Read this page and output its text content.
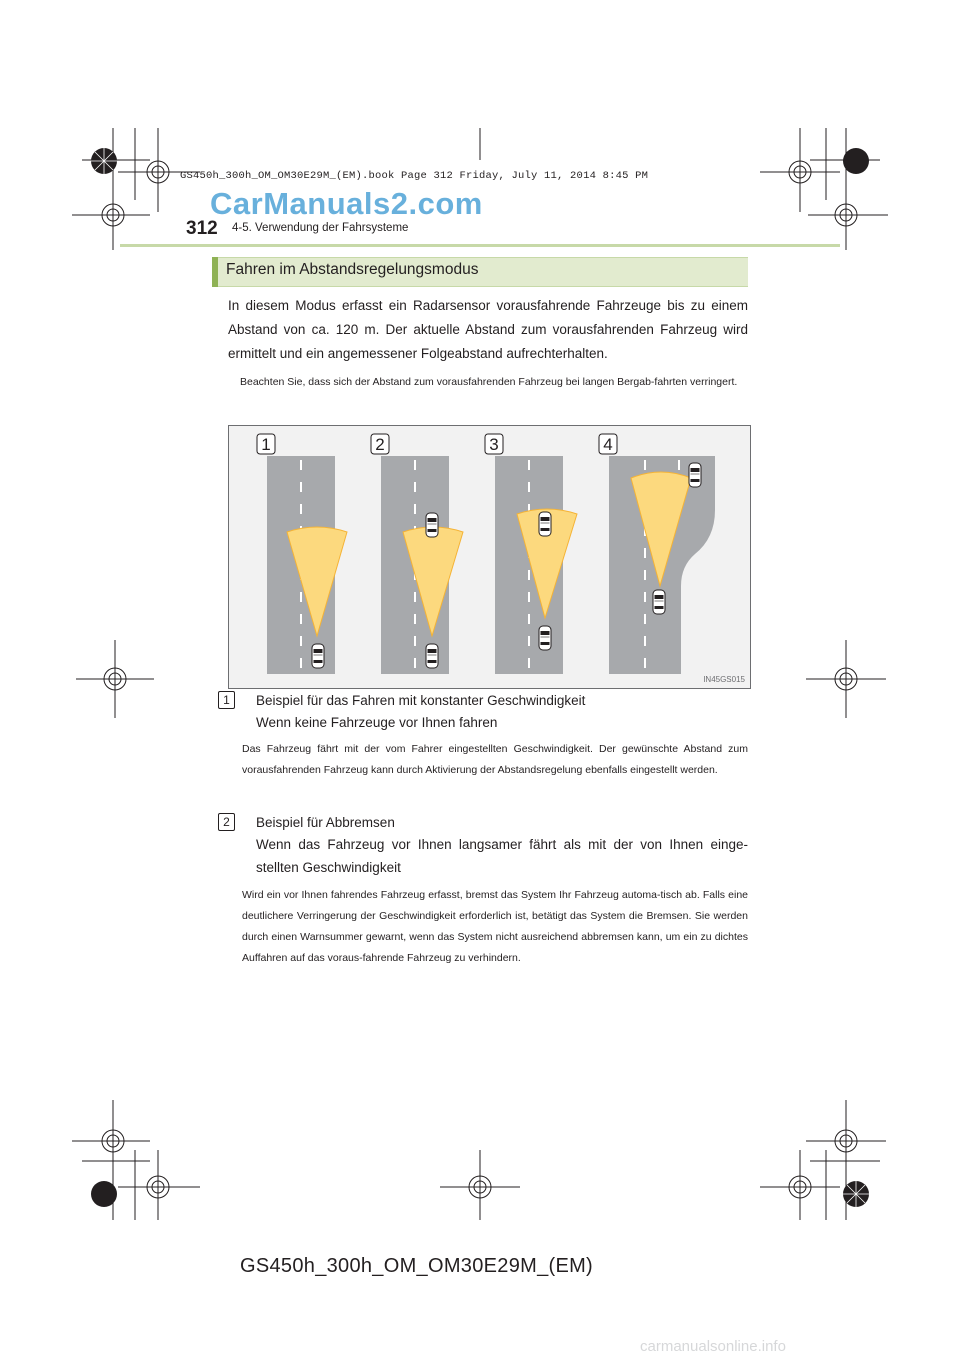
GS450h_300h_OM_OM30E29M_(EM).book Page 312 Friday, July 11, 2014 8:45 PM
CarManuals2.com
312 4-5. Verwendung der Fahrsysteme
Fahren im Abstandsregelungsmodus
In diesem Modus erfasst ein Radarsensor vorausfahrende Fahrzeuge bis zu einem Abstand von ca. 120 m. Der aktuelle Abstand zum vorausfahrenden Fahrzeug wird ermittelt und ein angemessener Folgeabstand aufrechterhalten.
Beachten Sie, dass sich der Abstand zum vorausfahrenden Fahrzeug bei langen Bergab-fahrten verringert.
1	2	3	4
IN45GS015
1	Beispiel für das Fahren mit konstanter Geschwindigkeit
Wenn keine Fahrzeuge vor Ihnen fahren
Das Fahrzeug fährt mit der vom Fahrer eingestellten Geschwindigkeit. Der gewünschte Abstand zum vorausfahrenden Fahrzeug kann durch Aktivierung der Abstandsregelung ebenfalls eingestellt werden.
2	Beispiel für Abbremsen
Wenn das Fahrzeug vor Ihnen langsamer fährt als mit der von Ihnen einge-stellten Geschwindigkeit
Wird ein vor Ihnen fahrendes Fahrzeug erfasst, bremst das System Ihr Fahrzeug automa-tisch ab. Falls eine deutlichere Verringerung der Geschwindigkeit erforderlich ist, betätigt das System die Bremsen. Sie werden durch einen Warnsummer gewarnt, wenn das System nicht ausreichend abbremsen kann, um ein zu dichtes Auffahren auf das voraus-fahrende Fahrzeug zu verhindern.
GS450h_300h_OM_OM30E29M_(EM)
carmanualsonline.info
